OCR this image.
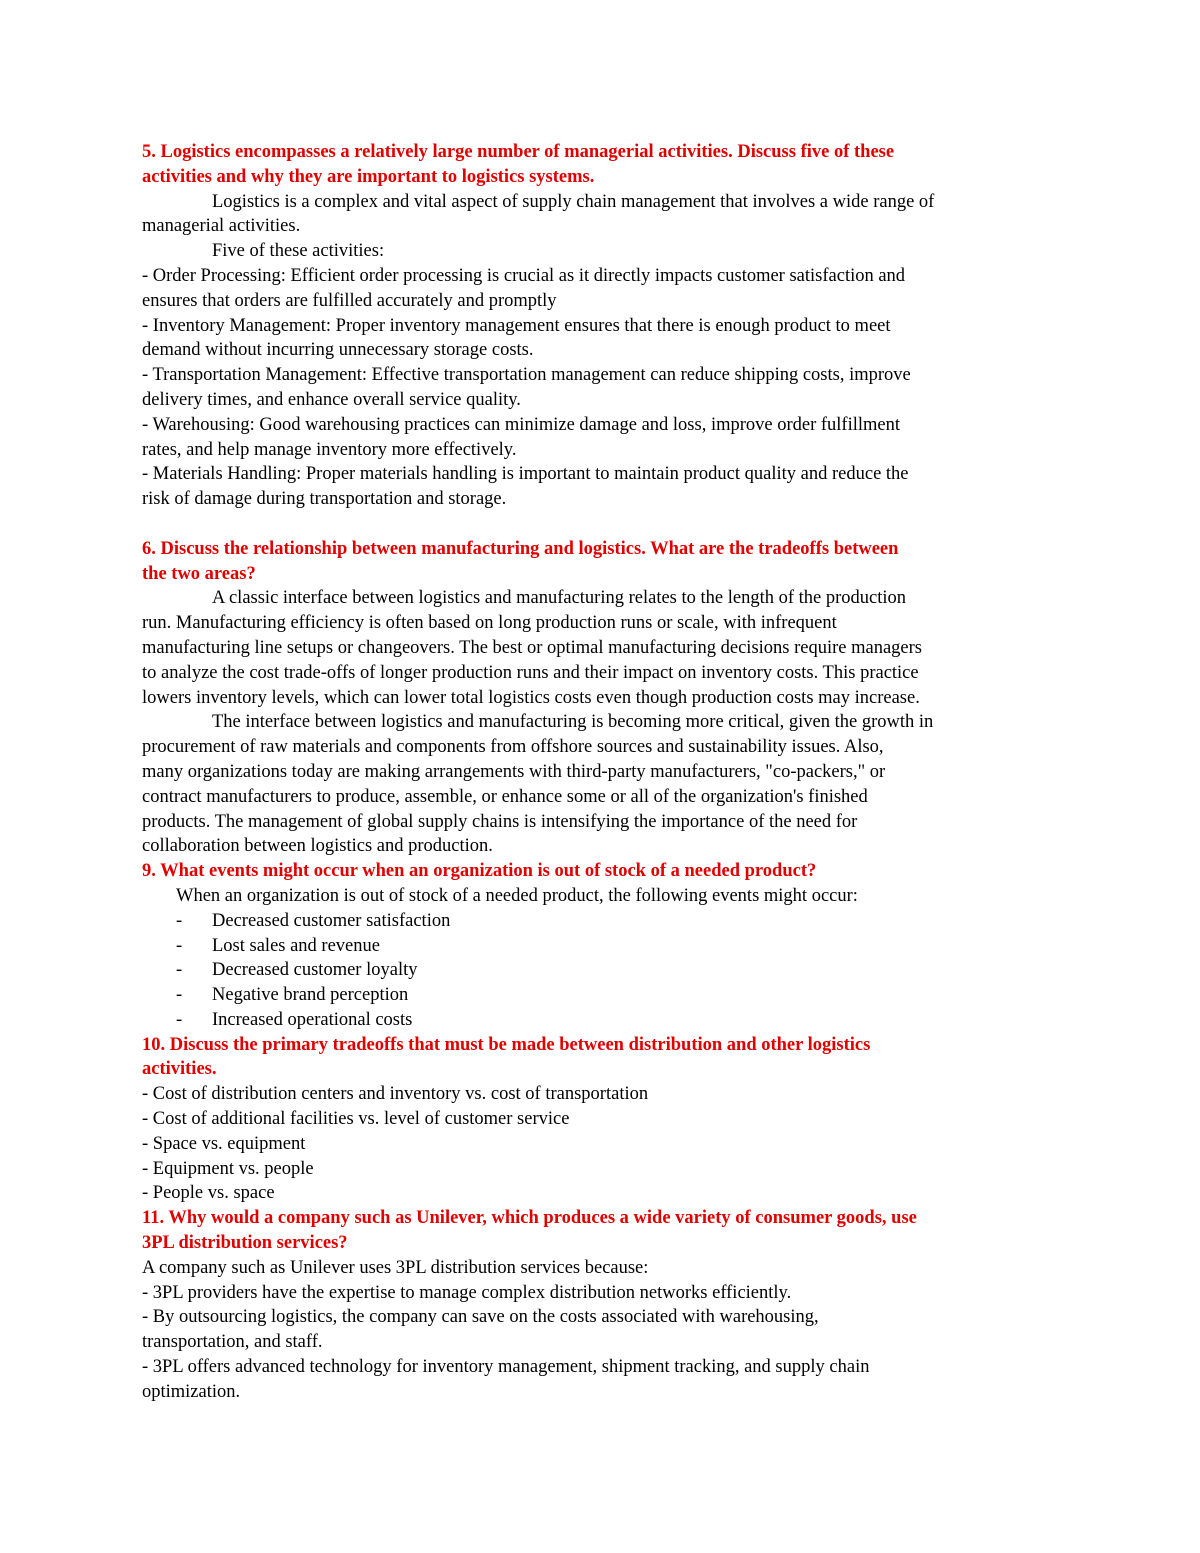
5. Logistics encompasses a relatively large number of managerial activities. Discuss five of these
activities and why they are important to logistics systems.
Logistics is a complex and vital aspect of supply chain management that involves a wide range of
managerial activities.
Five of these activities:
- Order Processing: Efficient order processing is crucial as it directly impacts customer satisfaction and
ensures that orders are fulfilled accurately and promptly
- Inventory Management: Proper inventory management ensures that there is enough product to meet
demand without incurring unnecessary storage costs.
- Transportation Management: Effective transportation management can reduce shipping costs, improve
delivery times, and enhance overall service quality.
- Warehousing: Good warehousing practices can minimize damage and loss, improve order fulfillment
rates, and help manage inventory more effectively.
- Materials Handling: Proper materials handling is important to maintain product quality and reduce the
risk of damage during transportation and storage.
6. Discuss the relationship between manufacturing and logistics. What are the tradeoffs between
the two areas?
A classic interface between logistics and manufacturing relates to the length of the production
run. Manufacturing efficiency is often based on long production runs or scale, with infrequent
manufacturing line setups or changeovers. The best or optimal manufacturing decisions require managers
to analyze the cost trade-offs of longer production runs and their impact on inventory costs. This practice
lowers inventory levels, which can lower total logistics costs even though production costs may increase.
The interface between logistics and manufacturing is becoming more critical, given the growth in
procurement of raw materials and components from offshore sources and sustainability issues. Also,
many organizations today are making arrangements with third-party manufacturers, "co-packers," or
contract manufacturers to produce, assemble, or enhance some or all of the organization's finished
products. The management of global supply chains is intensifying the importance of the need for
collaboration between logistics and production.
9. What events might occur when an organization is out of stock of a needed product?
When an organization is out of stock of a needed product, the following events might occur:
- Decreased customer satisfaction
- Lost sales and revenue
- Decreased customer loyalty
- Negative brand perception
- Increased operational costs
10. Discuss the primary tradeoffs that must be made between distribution and other logistics
activities.
- Cost of distribution centers and inventory vs. cost of transportation
- Cost of additional facilities vs. level of customer service
- Space vs. equipment
- Equipment vs. people
- People vs. space
11. Why would a company such as Unilever, which produces a wide variety of consumer goods, use
3PL distribution services?
A company such as Unilever uses 3PL distribution services because:
- 3PL providers have the expertise to manage complex distribution networks efficiently.
- By outsourcing logistics, the company can save on the costs associated with warehousing,
transportation, and staff.
- 3PL offers advanced technology for inventory management, shipment tracking, and supply chain
optimization.
